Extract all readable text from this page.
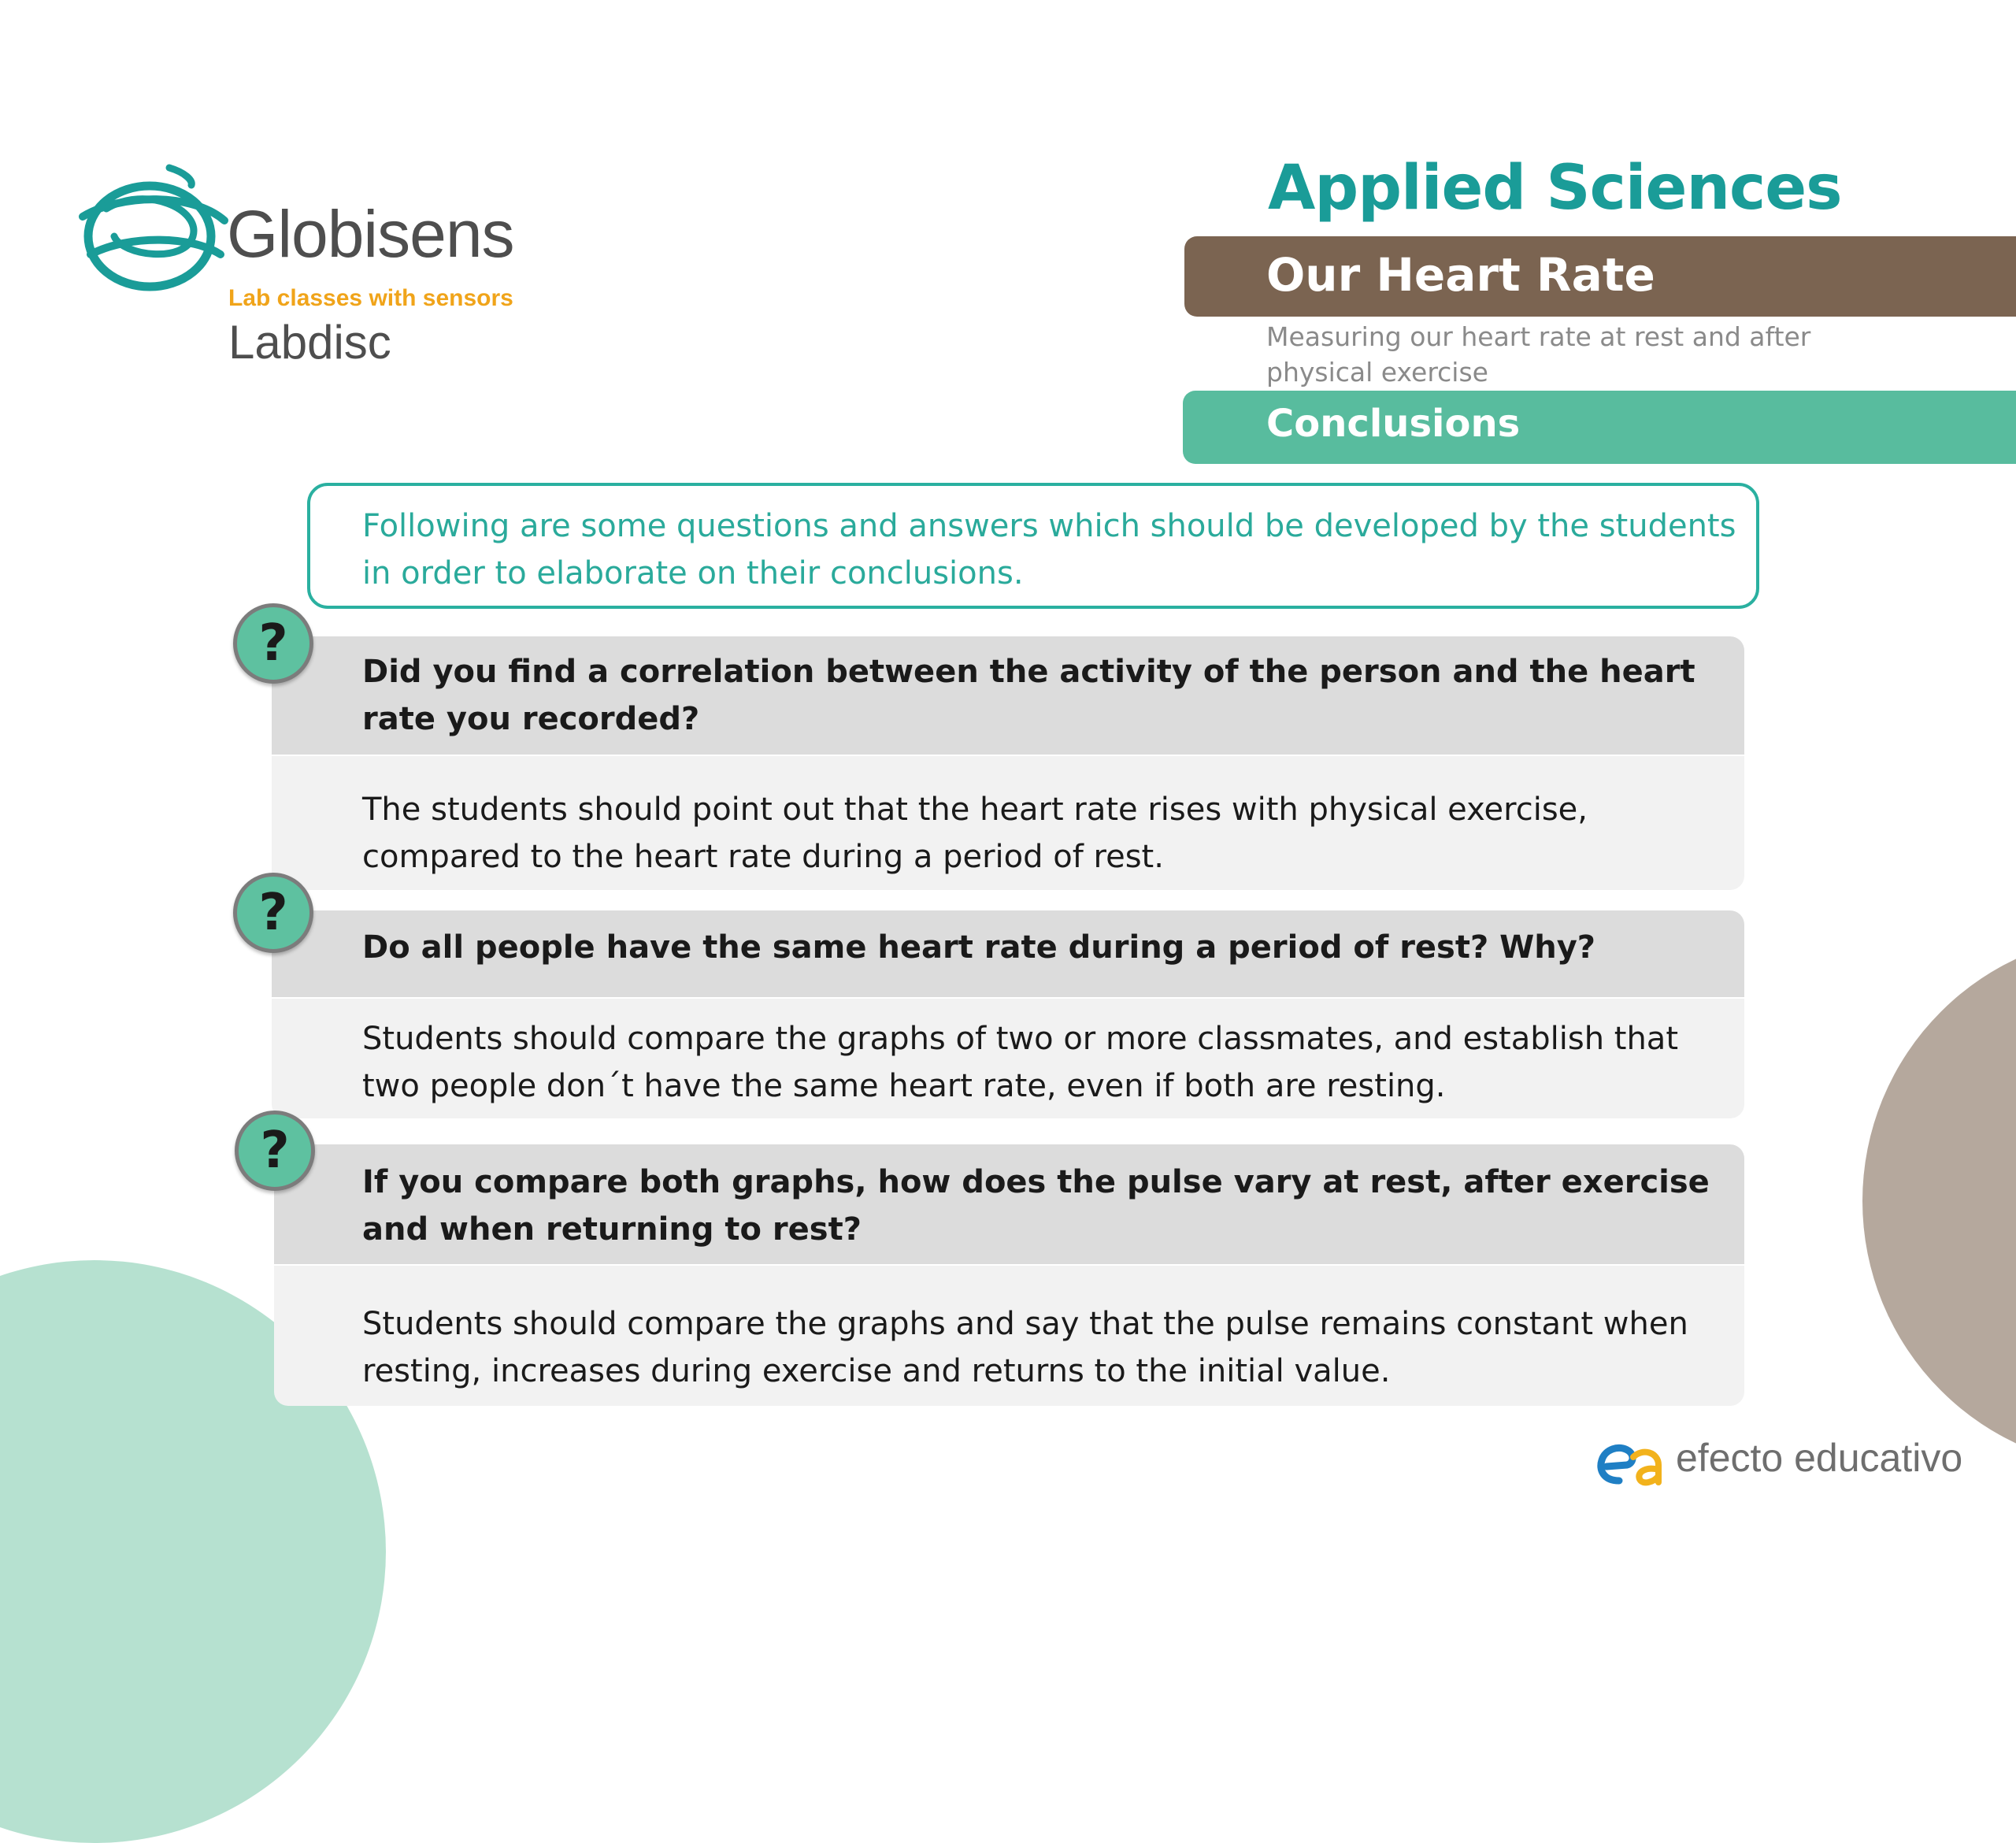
Globisens
Lab classes with sensors
Labdisc
Applied Sciences
Our Heart Rate
Measuring our heart rate at rest and after physical exercise
Conclusions
Following are some questions and answers which should be developed by the students in order to elaborate on their conclusions.
Did you find a correlation between the activity of the person and the heart rate you recorded?
The students should point out that the heart rate rises with physical exercise, compared to the heart rate during a period of rest.
?
Do all people have the same heart rate during a period of rest? Why?
Students should compare the graphs of two or more classmates, and establish that two people don´t have the same heart rate, even if both are resting.
?
If you compare both graphs, how does the pulse vary at rest, after exercise and when returning to rest?
Students should compare the graphs and say that the pulse remains constant when resting, increases during exercise and returns to the initial value.
?
efecto educativo
